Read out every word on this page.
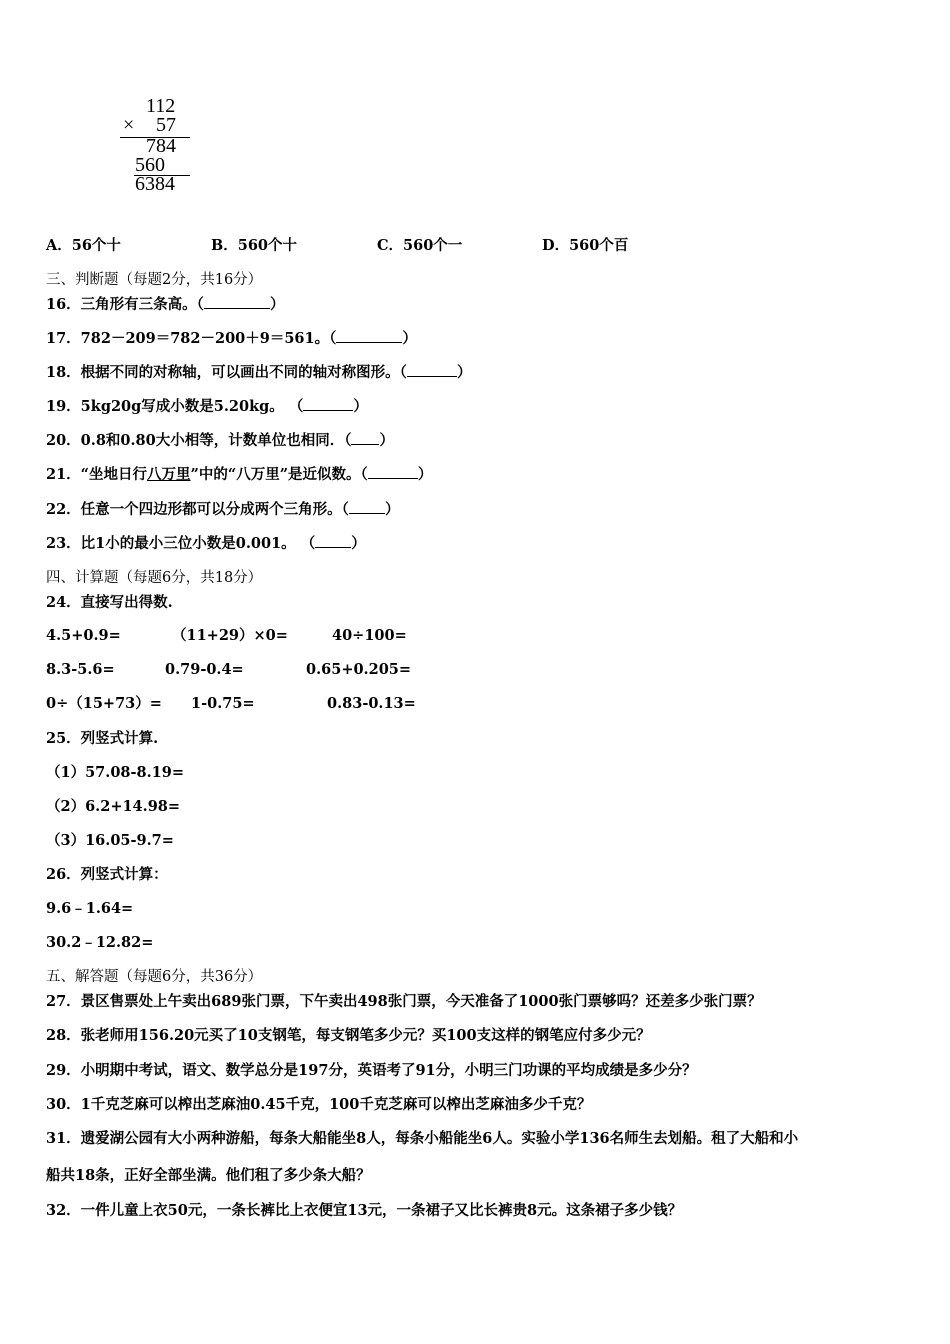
112
× 57
784
560
6384
A．56个十	B．560个十	C．560个一	D．560个百
三、判断题（每题2分，共16分）
16．三角形有三条高。（	）
17．782－209＝782－200＋9＝561。（	）
18．根据不同的对称轴，可以画出不同的轴对称图形。（	）
19．5kg20g写成小数是5.20kg。 （	）
20．0.8和0.80大小相等，计数单位也相同．（ ）
21．“坐地日行八万里”中的“八万里”是近似数。（	）
22．任意一个四边形都可以分成两个三角形。（ ）
23．比1小的最小三位小数是0.001。 （ ）
四、计算题（每题6分，共18分）
24．直接写出得数.
4.5+0.9=	（11+29）×0=	40÷100=
8.3-5.6=	0.79-0.4=	0.65+0.205=
0÷（15+73）= 1-0.75=	0.83-0.13=
25．列竖式计算.
（1）57.08-8.19=
（2）6.2+14.98=
（3）16.05-9.7=
26．列竖式计算：
9.6﹣1.64=
30.2﹣12.82=
五、解答题（每题6分，共36分）
27．景区售票处上午卖出689张门票，下午卖出498张门票，今天准备了1000张门票够吗？还差多少张门票？
28．张老师用156.20元买了10支钢笔，每支钢笔多少元？买100支这样的钢笔应付多少元？
29．小明期中考试，语文、数学总分是197分，英语考了91分，小明三门功课的平均成绩是多少分？
30．1千克芝麻可以榨出芝麻油0.45千克，100千克芝麻可以榨出芝麻油多少千克？
31．遗爱湖公园有大小两种游船，每条大船能坐8人，每条小船能坐6人。实验小学136名师生去划船。租了大船和小
船共18条，正好全部坐满。他们租了多少条大船？
32．一件儿童上衣50元，一条长裤比上衣便宜13元，一条裙子又比长裤贵8元。这条裙子多少钱？
